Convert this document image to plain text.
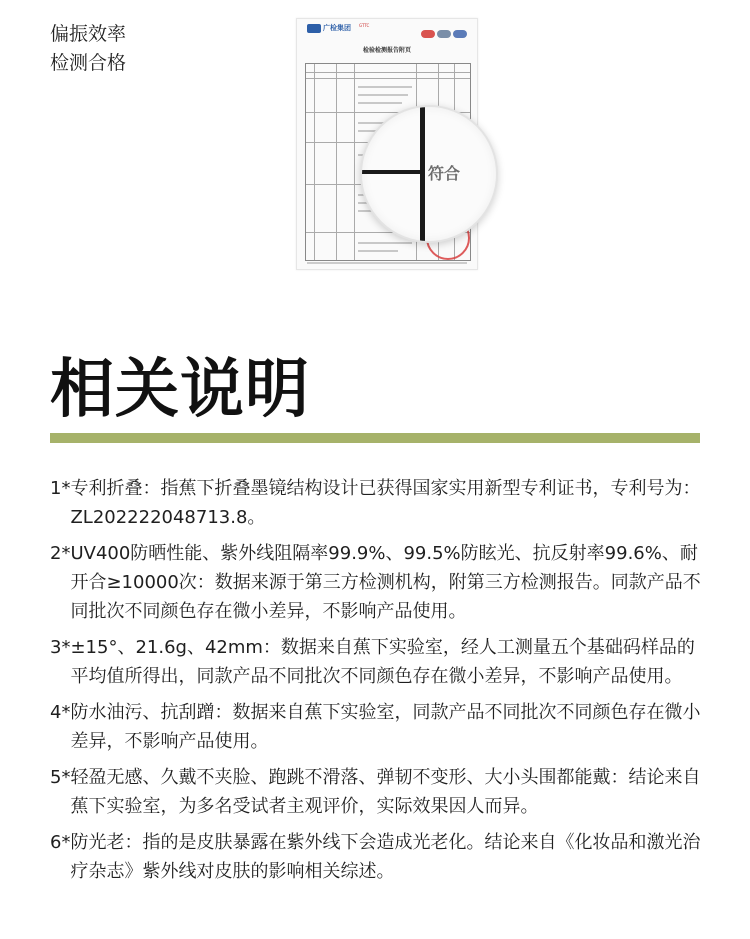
偏振效率
检测合格
广检集团 GTTC
检验检测报告附页
符合
相关说明
1* 专利折叠：指蕉下折叠墨镜结构设计已获得国家实用新型专利证书，专利号为：ZL202222048713.8。
2* UV400防晒性能、紫外线阻隔率99.9%、99.5%防眩光、抗反射率99.6%、耐开合≥10000次：数据来源于第三方检测机构，附第三方检测报告。同款产品不同批次不同颜色存在微小差异，不影响产品使用。
3* ±15°、21.6g、42mm：数据来自蕉下实验室，经人工测量五个基础码样品的平均值所得出，同款产品不同批次不同颜色存在微小差异，不影响产品使用。
4* 防水油污、抗刮蹭：数据来自蕉下实验室，同款产品不同批次不同颜色存在微小差异，不影响产品使用。
5* 轻盈无感、久戴不夹脸、跑跳不滑落、弹韧不变形、大小头围都能戴：结论来自蕉下实验室，为多名受试者主观评价，实际效果因人而异。
6* 防光老：指的是皮肤暴露在紫外线下会造成光老化。结论来自《化妆品和激光治疗杂志》紫外线对皮肤的影响相关综述。
